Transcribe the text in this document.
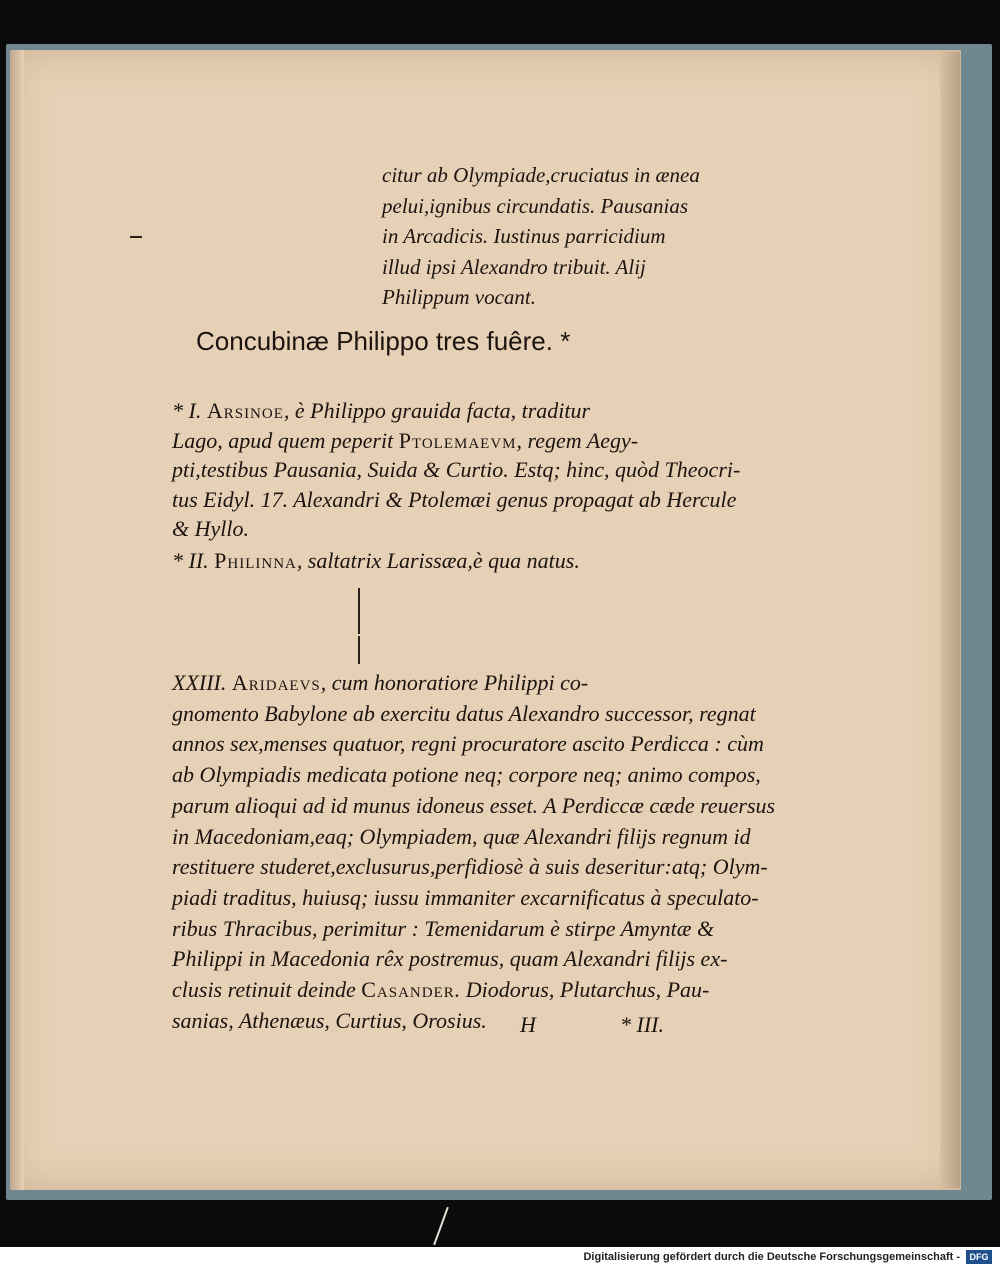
citur ab Olympiade,cruciatus in ænea
pelui,ignibus circundatis. Pausanias
in Arcadicis. Iustinus parricidium
illud ipsi Alexandro tribuit. Alij
Philippum vocant.
Concubinæ Philippo tres fuêre. *
* I. Arsinoe, è Philippo grauida facta, traditur
Lago, apud quem peperit Ptolemaevm, regem Aegy-
pti,testibus Pausania, Suida & Curtio. Estq; hinc, quòd Theocri-
tus Eidyl. 17. Alexandri & Ptolemæi genus propagat ab Hercule
& Hyllo.
* II. Philinna, saltatrix Larissæa,è qua natus.
XXIII. Aridaevs, cum honoratiore Philippi co-
gnomento Babylone ab exercitu datus Alexandro successor, regnat
annos sex,menses quatuor, regni procuratore ascito Perdicca : cùm
ab Olympiadis medicata potione neq; corpore neq; animo compos,
parum alioqui ad id munus idoneus esset. A Perdiccæ cæde reuersus
in Macedoniam,eaq; Olympiadem, quæ Alexandri filijs regnum id
restituere studeret,exclusurus,perfidiosè à suis deseritur:atq; Olym-
piadi traditus, huiusq; iussu immaniter excarnificatus à speculato-
ribus Thracibus, perimitur : Temenidarum è stirpe Amyntæ &
Philippi in Macedonia rêx postremus, quam Alexandri filijs ex-
clusis retinuit deinde Casander. Diodorus, Plutarchus, Pau-
sanias, Athenæus, Curtius, Orosius. H	* III.
Digitalisierung gefördert durch die Deutsche Forschungsgemeinschaft -	DFG
